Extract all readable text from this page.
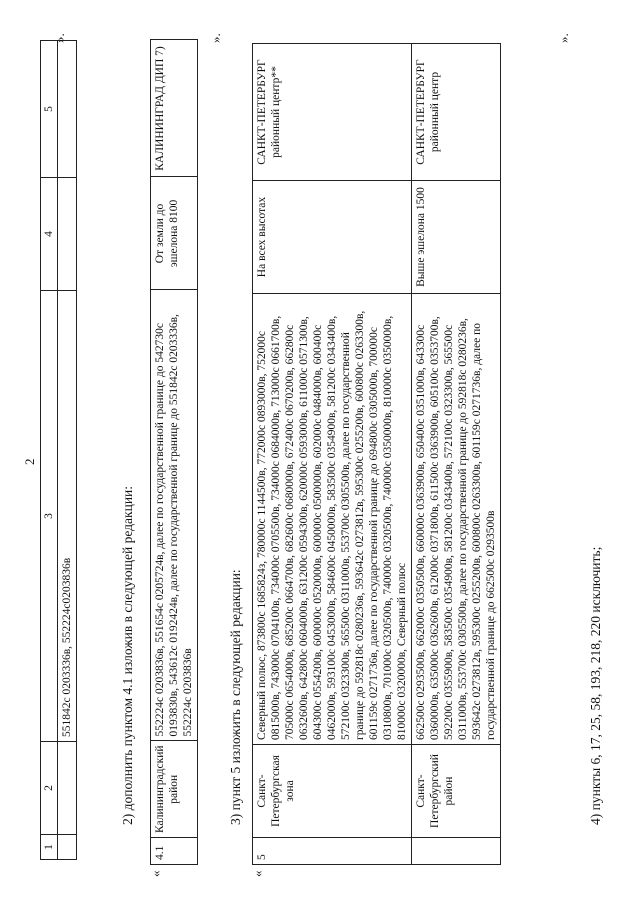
2
1	2	3	4	5
		551842с 0203336в, 552224с0203836в		
».
2) дополнить пунктом 4.1 изложив в следующей редакции:
«
4.1	Калининградский район	552224с 0203836в, 551654с 0205724в, далее по государственной границе до 542730с 0193830в, 543612с 0192424в, далее по государственной границе до 551842с 0203336в, 552224с 0203836в	От земли до эшелона 8100	КАЛИНИНГРАД ДИП 7)
».
3) пункт 5 изложить в следующей редакции:
«
5	Санкт-Петербургская зона	Северный полюс, 873800с 1685824з, 780000с 1144500в, 772000с 0893000в, 752000с 0815000в, 743000с 0704100в, 734000с 0705500в, 734000с 0684000в, 713000с 0661700в, 705000с 0654000в, 685200с 0664700в, 682600с 0680000в, 672400с 0670200в, 662800с 0632600в, 642800с 0604000в, 631200с 0594300в, 620000с 0593000в, 611000с 0571300в, 604300с 0554200в, 600000с 0520000в, 600000с 0500000в, 602000с 0484000в, 600400с 0462000в, 593100с 0453000в, 584600с 0450000в, 583500с 0354900в, 581200с 0343400в, 572100с 0323300в, 565500с 0311000в, 553700с 0305500в, далее по государственной границе до 592818с 0280236в, 593642с 0273812в, 595300с 0255200в, 600800с 0263300в, 601159с 0271736в, далее по государственной границе до 694800с 0305000в, 700000с 0310800в, 701000с 0320500в, 740000с 0320500в, 740000с 0350000в, 810000с 0350000в, 810000с 0320000в, Северный полюс	На всех высотах	САНКТ-ПЕТЕРБУРГ районный центр**
	Санкт-Петербургский район	662500с 0293500в, 662000с 0350500в, 660000с 0363900в, 650400с 0351000в, 643300с 0360000в, 635000с 0362600в, 612000с 0371800в, 611500с 0363900в, 605100с 0353700в, 592200с 0355900в, 583500с 0354900в, 581200с 0343400в, 572100с 0323300в, 565500с 0311000в, 553700с 0305500в, далее по государственной границе до 592818с 0280236в, 593642с 0273812в, 595300с 0255200в, 600800с 0263300в, 601159с 0271736в, далее по государственной границе до 662500с 0293500в	Выше эшелона 1500	САНКТ-ПЕТЕРБУРГ районный центр
».
4) пункты 6, 17, 25, 58, 193, 218, 220 исключить;
